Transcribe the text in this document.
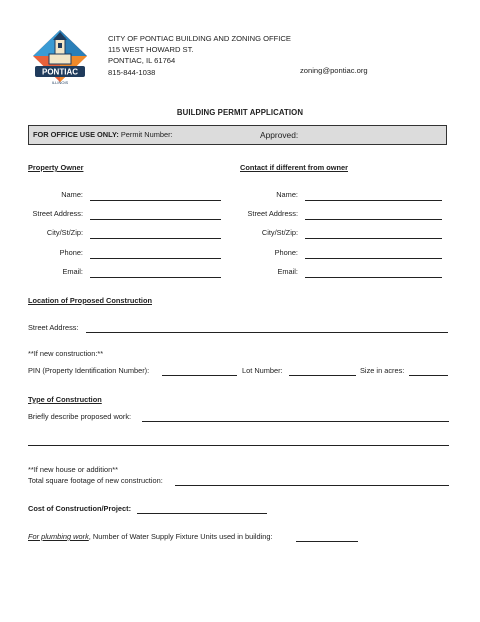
PONTIAC
ILLINOIS
CITY OF PONTIAC BUILDING AND ZONING OFFICE
115 WEST HOWARD ST.
PONTIAC, IL 61764
815-844-1038	zoning@pontiac.org
BUILDING PERMIT APPLICATION
FOR OFFICE USE ONLY: Permit Number:	Approved:
Property Owner
Name:
Street Address:
City/St/Zip:
Phone:
Email:
Contact if different from owner
Name:
Street Address:
City/St/Zip:
Phone:
Email:
Location of Proposed Construction
Street Address:
**If new construction:**
PIN (Property Identification Number):	Lot Number:	Size in acres:
Type of Construction
Briefly describe proposed work:
**If new house or addition**
Total square footage of new construction:
Cost of Construction/Project:
For plumbing work, Number of Water Supply Fixture Units used in building:
